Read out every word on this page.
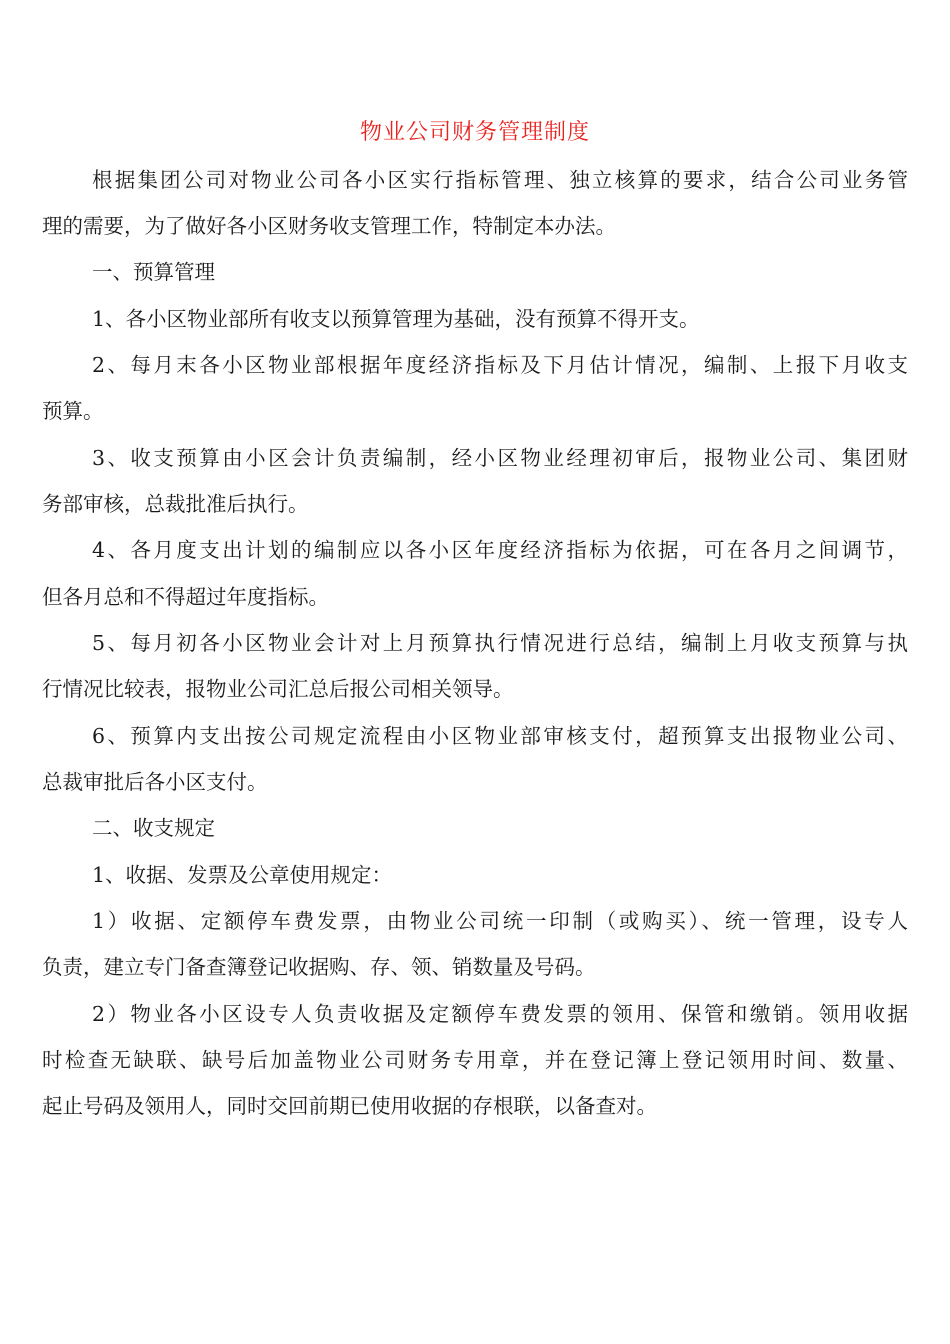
物业公司财务管理制度
根据集团公司对物业公司各小区实行指标管理、独立核算的要求，结合公司业务管
理的需要，为了做好各小区财务收支管理工作，特制定本办法。
一、预算管理
1、各小区物业部所有收支以预算管理为基础，没有预算不得开支。
2、每月末各小区物业部根据年度经济指标及下月估计情况，编制、上报下月收支
预算。
3、收支预算由小区会计负责编制，经小区物业经理初审后，报物业公司、集团财
务部审核，总裁批准后执行。
4、各月度支出计划的编制应以各小区年度经济指标为依据，可在各月之间调节，
但各月总和不得超过年度指标。
5、每月初各小区物业会计对上月预算执行情况进行总结，编制上月收支预算与执
行情况比较表，报物业公司汇总后报公司相关领导。
6、预算内支出按公司规定流程由小区物业部审核支付，超预算支出报物业公司、
总裁审批后各小区支付。
二、收支规定
1、收据、发票及公章使用规定：
1）收据、定额停车费发票，由物业公司统一印制（或购买）、统一管理，设专人
负责，建立专门备查簿登记收据购、存、领、销数量及号码。
2）物业各小区设专人负责收据及定额停车费发票的领用、保管和缴销。领用收据
时检查无缺联、缺号后加盖物业公司财务专用章，并在登记簿上登记领用时间、数量、
起止号码及领用人，同时交回前期已使用收据的存根联，以备查对。
